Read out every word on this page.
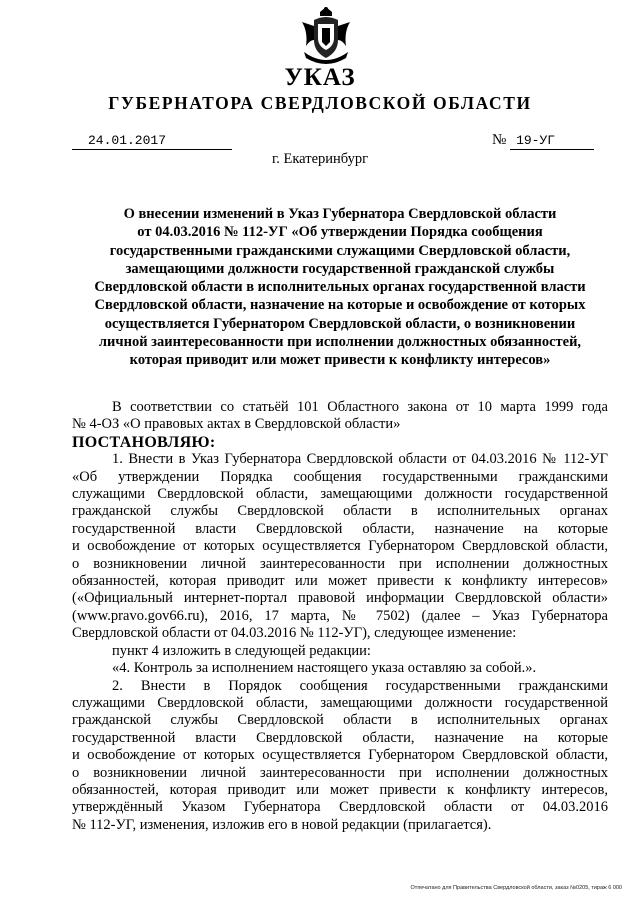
УКАЗ
ГУБЕРНАТОРА СВЕРДЛОВСКОЙ ОБЛАСТИ
24.01.2017	№ 19-УГ
г. Екатеринбург
О внесении изменений в Указ Губернатора Свердловской области
от 04.03.2016 № 112-УГ «Об утверждении Порядка сообщения
государственными гражданскими служащими Свердловской области,
замещающими должности государственной гражданской службы
Свердловской области в исполнительных органах государственной власти
Свердловской области, назначение на которые и освобождение от которых
осуществляется Губернатором Свердловской области, о возникновении
личной заинтересованности при исполнении должностных обязанностей,
которая приводит или может привести к конфликту интересов»

В соответствии со статьёй 101 Областного закона от 10 марта 1999 года

№ 4-ОЗ «О правовых актах в Свердловской области»

ПОСТАНОВЛЯЮ:

1. Внести в Указ Губернатора Свердловской области от 04.03.2016 № 112-УГ

«Об утверждении Порядка сообщения государственными гражданскими

служащими Свердловской области, замещающими должности государственной

гражданской службы Свердловской области в исполнительных органах

государственной власти Свердловской области, назначение на которые

и освобождение от которых осуществляется Губернатором Свердловской области,

о возникновении личной заинтересованности при исполнении должностных

обязанностей, которая приводит или может привести к конфликту интересов»

(«Официальный интернет-портал правовой информации Свердловской области»

(www.pravo.gov66.ru), 2016, 17 марта, № 7502) (далее – Указ Губернатора

Свердловской области от 04.03.2016 № 112-УГ), следующее изменение:

пункт 4 изложить в следующей редакции:

«4. Контроль за исполнением настоящего указа оставляю за собой.».

2. Внести в Порядок сообщения государственными гражданскими

служащими Свердловской области, замещающими должности государственной

гражданской службы Свердловской области в исполнительных органах

государственной власти Свердловской области, назначение на которые

и освобождение от которых осуществляется Губернатором Свердловской области,

о возникновении личной заинтересованности при исполнении должностных

обязанностей, которая приводит или может привести к конфликту интересов,

утверждённый Указом Губернатора Свердловской области от 04.03.2016

№ 112-УГ, изменения, изложив его в новой редакции (прилагается).

Отпечатано для Правительства Свердловской области, заказ №0205, тираж 6 000
